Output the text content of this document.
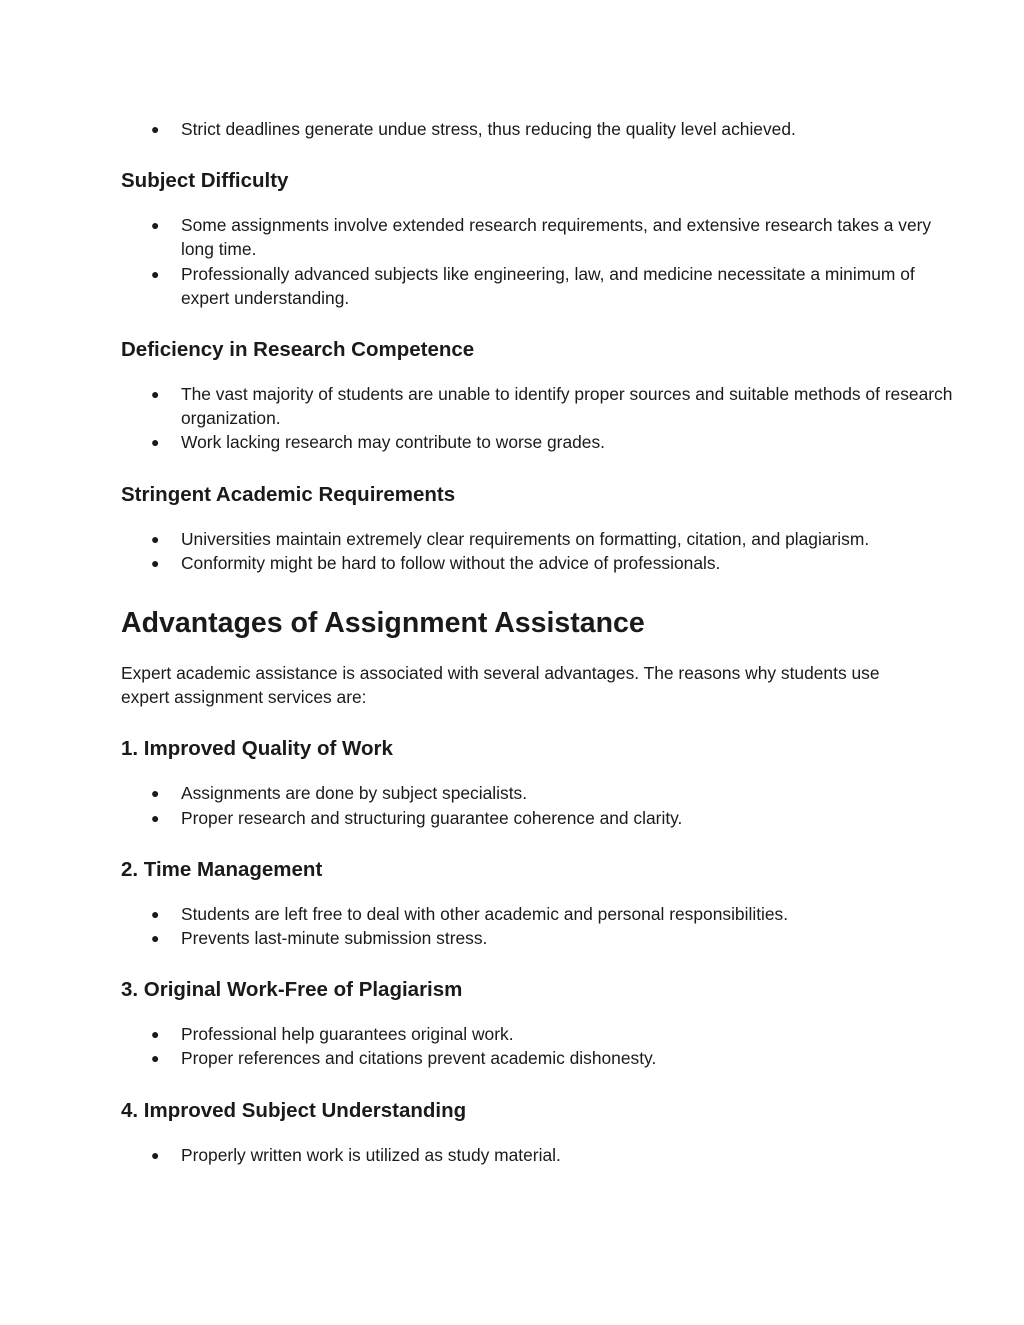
● Strict deadlines generate undue stress, thus reducing the quality level achieved.
Subject Difficulty
● Some assignments involve extended research requirements, and extensive research takes a very long time.
● Professionally advanced subjects like engineering, law, and medicine necessitate a minimum of expert understanding.
Deficiency in Research Competence
● The vast majority of students are unable to identify proper sources and suitable methods of research organization.
● Work lacking research may contribute to worse grades.
Stringent Academic Requirements
● Universities maintain extremely clear requirements on formatting, citation, and plagiarism.
● Conformity might be hard to follow without the advice of professionals.
Advantages of Assignment Assistance

Expert academic assistance is associated with several advantages. The reasons why students use expert assignment services are:

1. Improved Quality of Work
● Assignments are done by subject specialists.
● Proper research and structuring guarantee coherence and clarity.
2. Time Management
● Students are left free to deal with other academic and personal responsibilities.
● Prevents last-minute submission stress.
3. Original Work-Free of Plagiarism
● Professional help guarantees original work.
● Proper references and citations prevent academic dishonesty.
4. Improved Subject Understanding
● Properly written work is utilized as study material.
